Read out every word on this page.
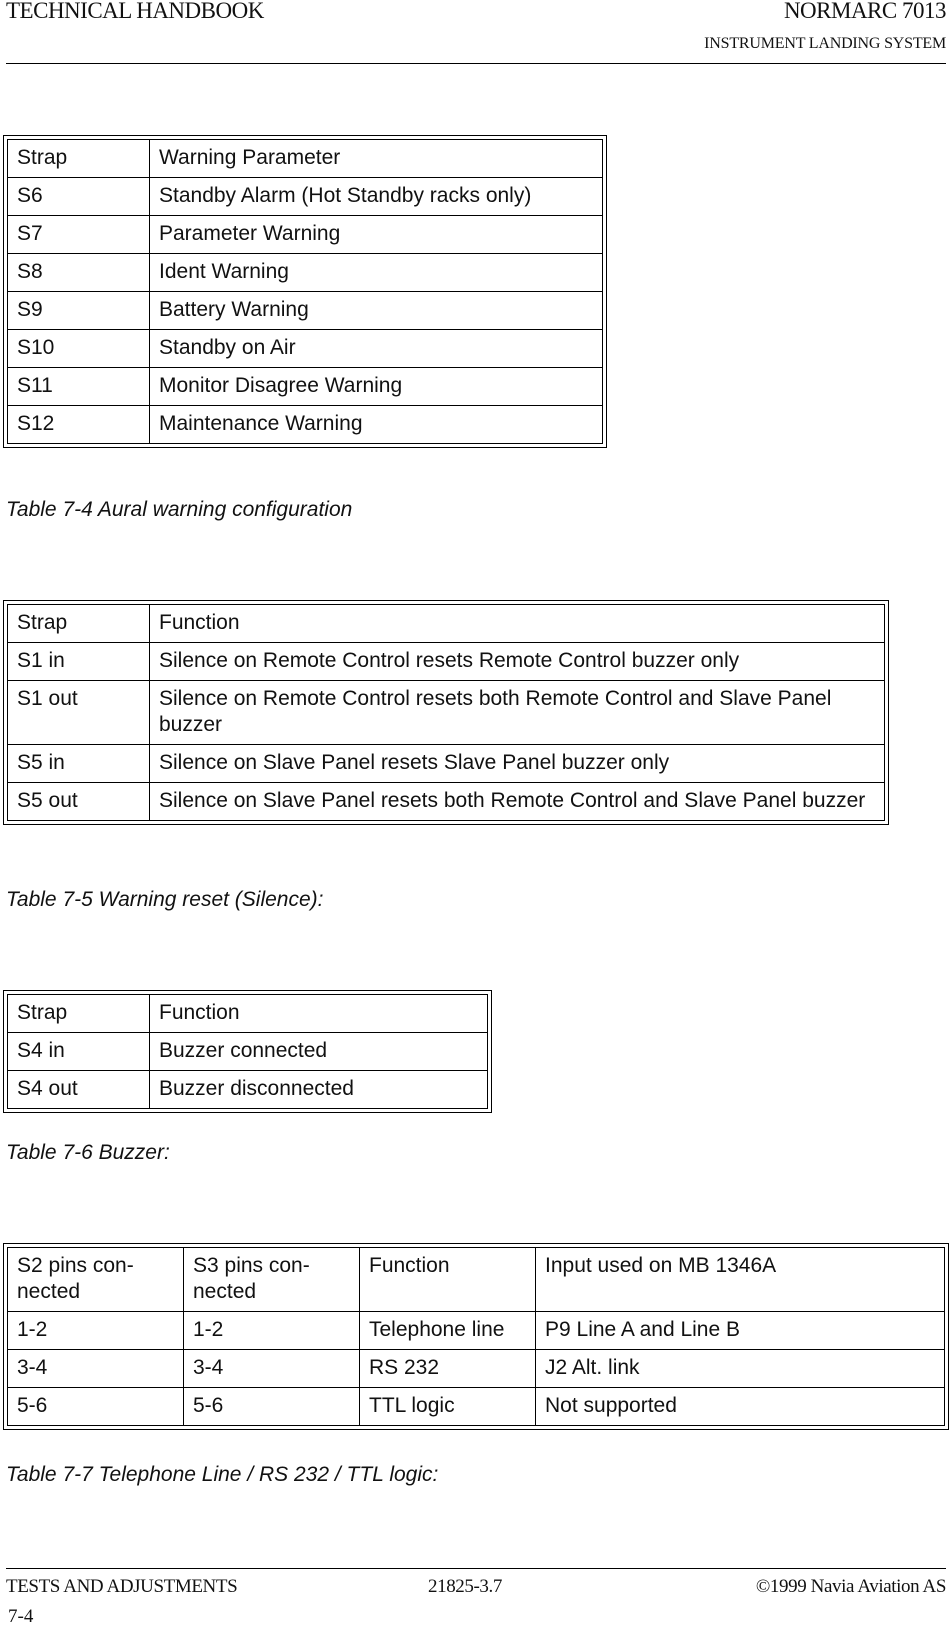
TECHNICAL HANDBOOK	NORMARC 7013
INSTRUMENT LANDING SYSTEM
Strap	Warning Parameter
S6	Standby Alarm (Hot Standby racks only)
S7	Parameter Warning
S8	Ident Warning
S9	Battery Warning
S10	Standby on Air
S11	Monitor Disagree Warning
S12	Maintenance Warning
Table 7-4 Aural warning configuration
Strap	Function
S1 in	Silence on Remote Control resets Remote Control buzzer only
S1 out	Silence on Remote Control resets both Remote Control and Slave Panel buzzer
S5 in	Silence on Slave Panel resets Slave Panel buzzer only
S5 out	Silence on Slave Panel resets both Remote Control and Slave Panel buzzer
Table 7-5 Warning reset (Silence):
Strap	Function
S4 in	Buzzer connected
S4 out	Buzzer disconnected
Table 7-6 Buzzer:
S2 pins con-nected	S3 pins con-nected	Function	Input used on MB 1346A
1-2	1-2	Telephone line	P9 Line A and Line B
3-4	3-4	RS 232	J2 Alt. link
5-6	5-6	TTL logic	Not supported
Table 7-7 Telephone Line / RS 232 / TTL logic:
TESTS AND ADJUSTMENTS	21825-3.7	©1999 Navia Aviation AS
7-4
